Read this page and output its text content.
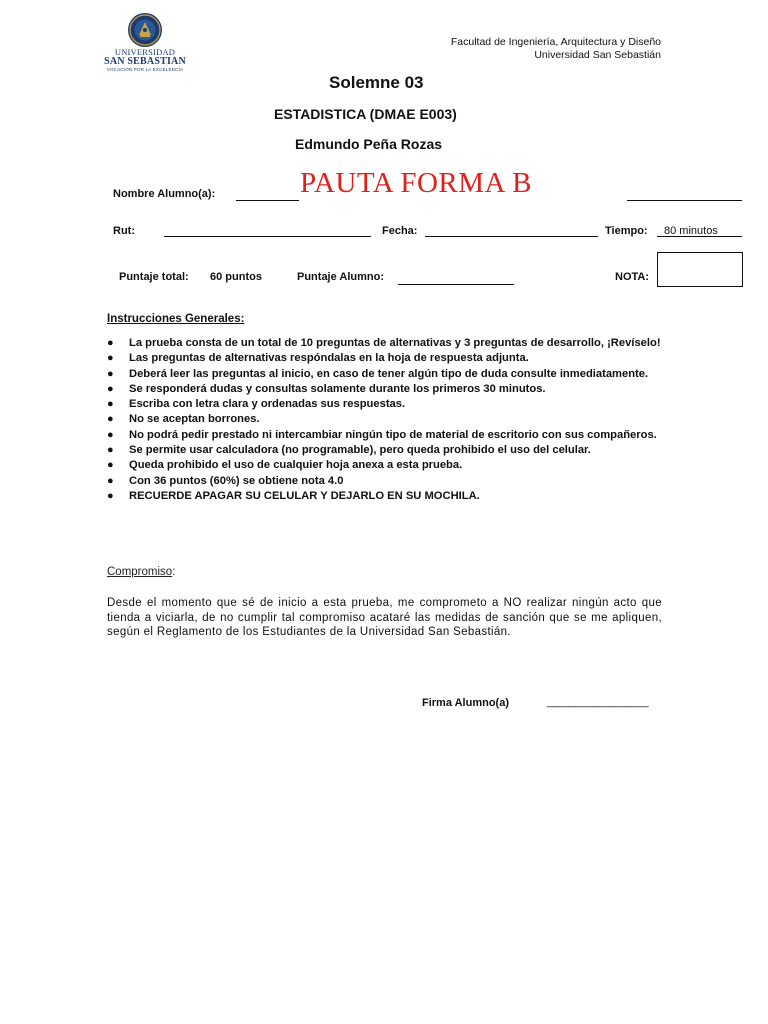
UNIVERSIDAD
SAN SEBASTIAN
VOCACIÓN POR LA EXCELENCIA
Facultad de Ingeniería, Arquitectura y Diseño
Universidad San Sebastián
Solemne 03
ESTADISTICA (DMAE E003)
Edmundo Peña Rozas
Nombre Alumno(a):	PAUTA FORMA B
Rut:	Fecha:	Tiempo: 80 minutos
Puntaje total: 60 puntos	Puntaje Alumno:	NOTA:
Instrucciones Generales:
● La prueba consta de un total de 10 preguntas de alternativas y 3 preguntas de desarrollo, ¡Revíselo!
● Las preguntas de alternativas respóndalas en la hoja de respuesta adjunta.
● Deberá leer las preguntas al inicio, en caso de tener algún tipo de duda consulte inmediatamente.
● Se responderá dudas y consultas solamente durante los primeros 30 minutos.
● Escriba con letra clara y ordenadas sus respuestas.
● No se aceptan borrones.
● No podrá pedir prestado ni intercambiar ningún tipo de material de escritorio con sus compañeros.
● Se permite usar calculadora (no programable), pero queda prohibido el uso del celular.
● Queda prohibido el uso de cualquier hoja anexa a esta prueba.
● Con 36 puntos (60%) se obtiene nota 4.0
● RECUERDE APAGAR SU CELULAR Y DEJARLO EN SU MOCHILA.
Compromiso:
Desde el momento que sé de inicio a esta prueba, me comprometo a NO realizar ningún acto que tienda a viciarla, de no cumplir tal compromiso acataré las medidas de sanción que se me apliquen, según el Reglamento de los Estudiantes de la Universidad San Sebastián.
Firma Alumno(a)	__________________
